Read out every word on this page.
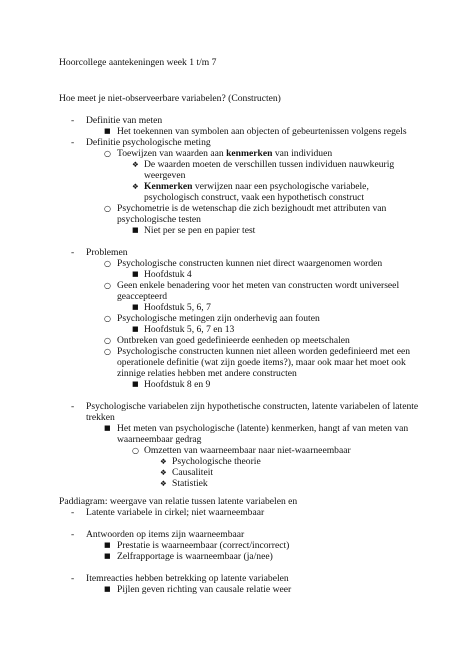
Hoorcollege aantekeningen week 1 t/m 7
Hoe meet je niet-observeerbare variabelen? (Constructen)
- Definitie van meten
■ Het toekennen van symbolen aan objecten of gebeurtenissen volgens regels
- Definitie psychologische meting
○ Toewijzen van waarden aan kenmerken van individuen
❖ De waarden moeten de verschillen tussen individuen nauwkeurig
weergeven
❖ Kenmerken verwijzen naar een psychologische variabele,
psychologisch construct, vaak een hypothetisch construct
○ Psychometrie is de wetenschap die zich bezighoudt met attributen van
psychologische testen
■ Niet per se pen en papier test
- Problemen
○ Psychologische constructen kunnen niet direct waargenomen worden
■ Hoofdstuk 4
○ Geen enkele benadering voor het meten van constructen wordt universeel
geaccepteerd
■ Hoofdstuk 5, 6, 7
○ Psychologische metingen zijn onderhevig aan fouten
■ Hoofdstuk 5, 6, 7 en 13
○ Ontbreken van goed gedefinieerde eenheden op meetschalen
○ Psychologische constructen kunnen niet alleen worden gedefinieerd met een
operationele definitie (wat zijn goede items?), maar ook maar het moet ook
zinnige relaties hebben met andere constructen
■ Hoofdstuk 8 en 9
- Psychologische variabelen zijn hypothetische constructen, latente variabelen of latente
trekken
■ Het meten van psychologische (latente) kenmerken, hangt af van meten van
waarneembaar gedrag
○ Omzetten van waarneembaar naar niet-waarneembaar
❖ Psychologische theorie
❖ Causaliteit
❖ Statistiek
Paddiagram: weergave van relatie tussen latente variabelen en
- Latente variabele in cirkel; niet waarneembaar
- Antwoorden op items zijn waarneembaar
■ Prestatie is waarneembaar (correct/incorrect)
■ Zelfrapportage is waarneembaar (ja/nee)
- Itemreacties hebben betrekking op latente variabelen
■ Pijlen geven richting van causale relatie weer
